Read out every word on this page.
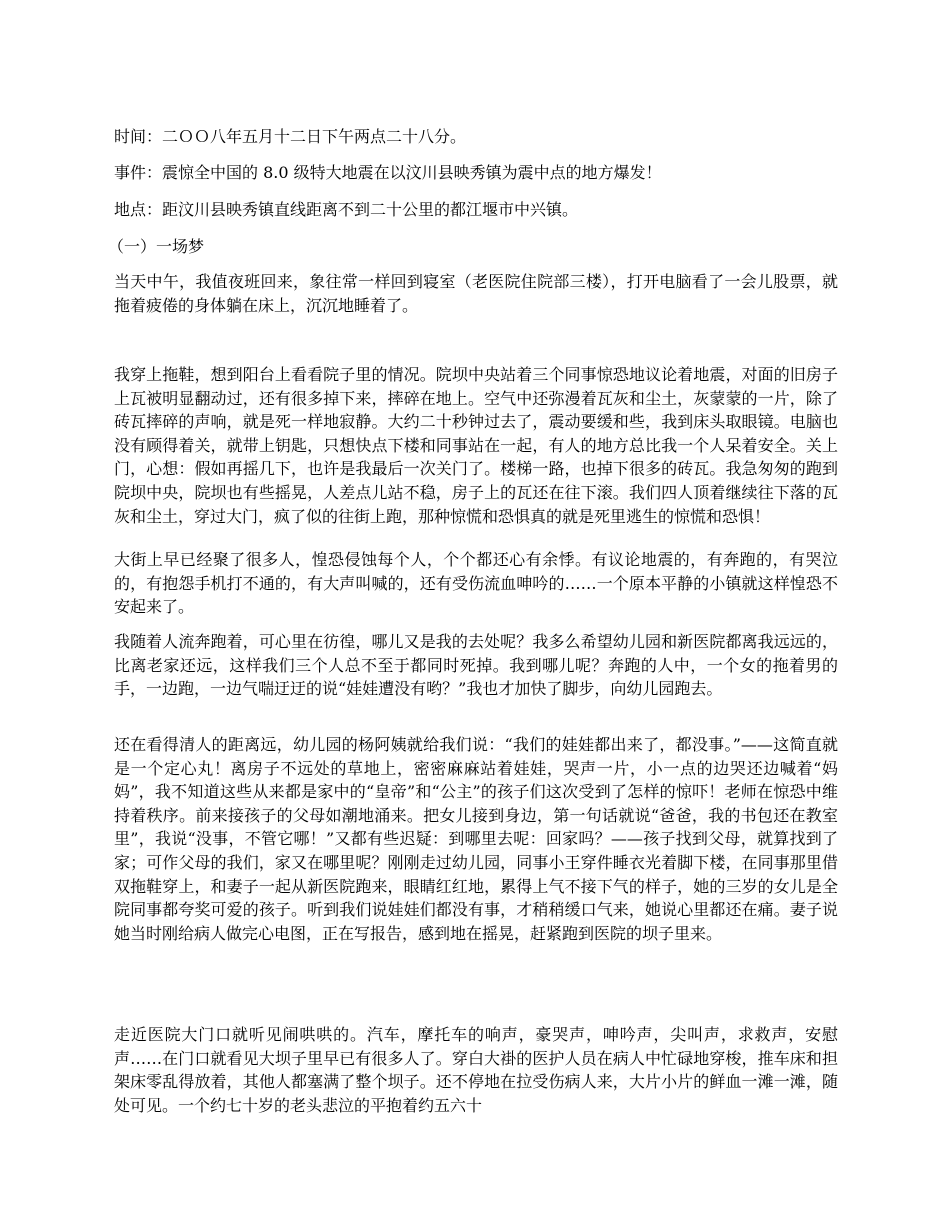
时间：二ＯＯ八年五月十二日下午两点二十八分。

事件：震惊全中国的 8.0 级特大地震在以汶川县映秀镇为震中点的地方爆发！

地点：距汶川县映秀镇直线距离不到二十公里的都江堰市中兴镇。

（一）一场梦

当天中午，我值夜班回来，象往常一样回到寝室（老医院住院部三楼），打开电脑看了一会儿股票，就拖着疲倦的身体躺在床上，沉沉地睡着了。

我穿上拖鞋，想到阳台上看看院子里的情况。院坝中央站着三个同事惊恐地议论着地震，对面的旧房子上瓦被明显翻动过，还有很多掉下来，摔碎在地上。空气中还弥漫着瓦灰和尘土，灰蒙蒙的一片，除了砖瓦摔碎的声响，就是死一样地寂静。大约二十秒钟过去了，震动要缓和些，我到床头取眼镜。电脑也没有顾得着关，就带上钥匙，只想快点下楼和同事站在一起，有人的地方总比我一个人呆着安全。关上门，心想：假如再摇几下，也许是我最后一次关门了。楼梯一路，也掉下很多的砖瓦。我急匆匆的跑到院坝中央，院坝也有些摇晃，人差点儿站不稳，房子上的瓦还在往下滚。我们四人顶着继续往下落的瓦灰和尘土，穿过大门，疯了似的往街上跑，那种惊慌和恐惧真的就是死里逃生的惊慌和恐惧！

大街上早已经聚了很多人，惶恐侵蚀每个人，个个都还心有余悸。有议论地震的，有奔跑的，有哭泣的，有抱怨手机打不通的，有大声叫喊的，还有受伤流血呻吟的……一个原本平静的小镇就这样惶恐不安起来了。

我随着人流奔跑着，可心里在彷徨，哪儿又是我的去处呢？我多么希望幼儿园和新医院都离我远远的，比离老家还远，这样我们三个人总不至于都同时死掉。我到哪儿呢？奔跑的人中，一个女的拖着男的手，一边跑，一边气喘迂迂的说“娃娃遭没有哟？”我也才加快了脚步，向幼儿园跑去。

还在看得清人的距离远，幼儿园的杨阿姨就给我们说：“我们的娃娃都出来了，都没事。”——这简直就是一个定心丸！离房子不远处的草地上，密密麻麻站着娃娃，哭声一片，小一点的边哭还边喊着“妈妈”，我不知道这些从来都是家中的“皇帝”和“公主”的孩子们这次受到了怎样的惊吓！老师在惊恐中维持着秩序。前来接孩子的父母如潮地涌来。把女儿接到身边，第一句话就说“爸爸，我的书包还在教室里”，我说“没事，不管它哪！”又都有些迟疑：到哪里去呢：回家吗？——孩子找到父母，就算找到了家；可作父母的我们，家又在哪里呢？刚刚走过幼儿园，同事小王穿件睡衣光着脚下楼，在同事那里借双拖鞋穿上，和妻子一起从新医院跑来，眼睛红红地，累得上气不接下气的样子，她的三岁的女儿是全院同事都夸奖可爱的孩子。听到我们说娃娃们都没有事，才稍稍缓口气来，她说心里都还在痛。妻子说她当时刚给病人做完心电图，正在写报告，感到地在摇晃，赶紧跑到医院的坝子里来。

走近医院大门口就听见闹哄哄的。汽车，摩托车的响声，豪哭声，呻吟声，尖叫声，求救声，安慰声……在门口就看见大坝子里早已有很多人了。穿白大褂的医护人员在病人中忙碌地穿梭，推车床和担架床零乱得放着，其他人都塞满了整个坝子。还不停地在拉受伤病人来，大片小片的鲜血一滩一滩，随处可见。一个约七十岁的老头悲泣的平抱着约五六十
